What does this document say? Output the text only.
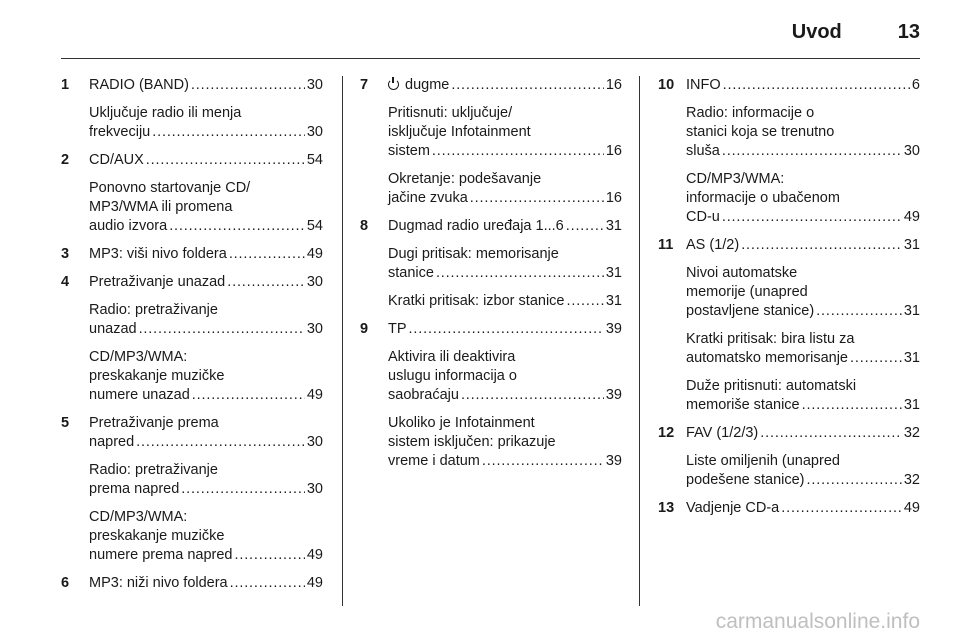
Uvod	13
1	RADIO (BAND) . . .	30
Uključuje radio ili menja
frekveciju . . .	30
2	CD/AUX . . .	54
Ponovno startovanje CD/
MP3/WMA ili promena
audio izvora . . .	54
3	MP3: viši nivo foldera . . .	49
4	Pretraživanje unazad . . .	30
Radio: pretraživanje
unazad . . .	30
CD/MP3/WMA:
preskakanje muzičke
numere unazad . . .	49
5	Pretraživanje prema
napred . . .	30
Radio: pretraživanje
prema napred . . .	30
CD/MP3/WMA:
preskakanje muzičke
numere prema napred . . .	49
6	MP3: niži nivo foldera . . .	49
7	dugme . . .	16
Pritisnuti: uključuje/
isključuje Infotainment
sistem . . .	16
Okretanje: podešavanje
jačine zvuka . . .	16
8	Dugmad radio uređaja 1...6 . . .	31
Dugi pritisak: memorisanje
stanice . . .	31
Kratki pritisak: izbor stanice . . .	31
9	TP . . .	39
Aktivira ili deaktivira
uslugu informacija o
saobraćaju . . .	39
Ukoliko je Infotainment
sistem isključen: prikazuje
vreme i datum . . .	39
10 INFO . . .	6
Radio: informacije o
stanici koja se trenutno
sluša . . .	30
CD/MP3/WMA:
informacije o ubačenom
CD-u . . .	49
11 AS (1/2) . . .	31
Nivoi automatske
memorije (unapred
postavljene stanice) . . .	31
Kratki pritisak: bira listu za
automatsko memorisanje . . .	31
Duže pritisnuti: automatski
memoriše stanice . . .	31
12 FAV (1/2/3) . . .	32
Liste omiljenih (unapred
podešene stanice) . . .	32
13 Vadjenje CD-a . . .	49
carmanualsonline.info
